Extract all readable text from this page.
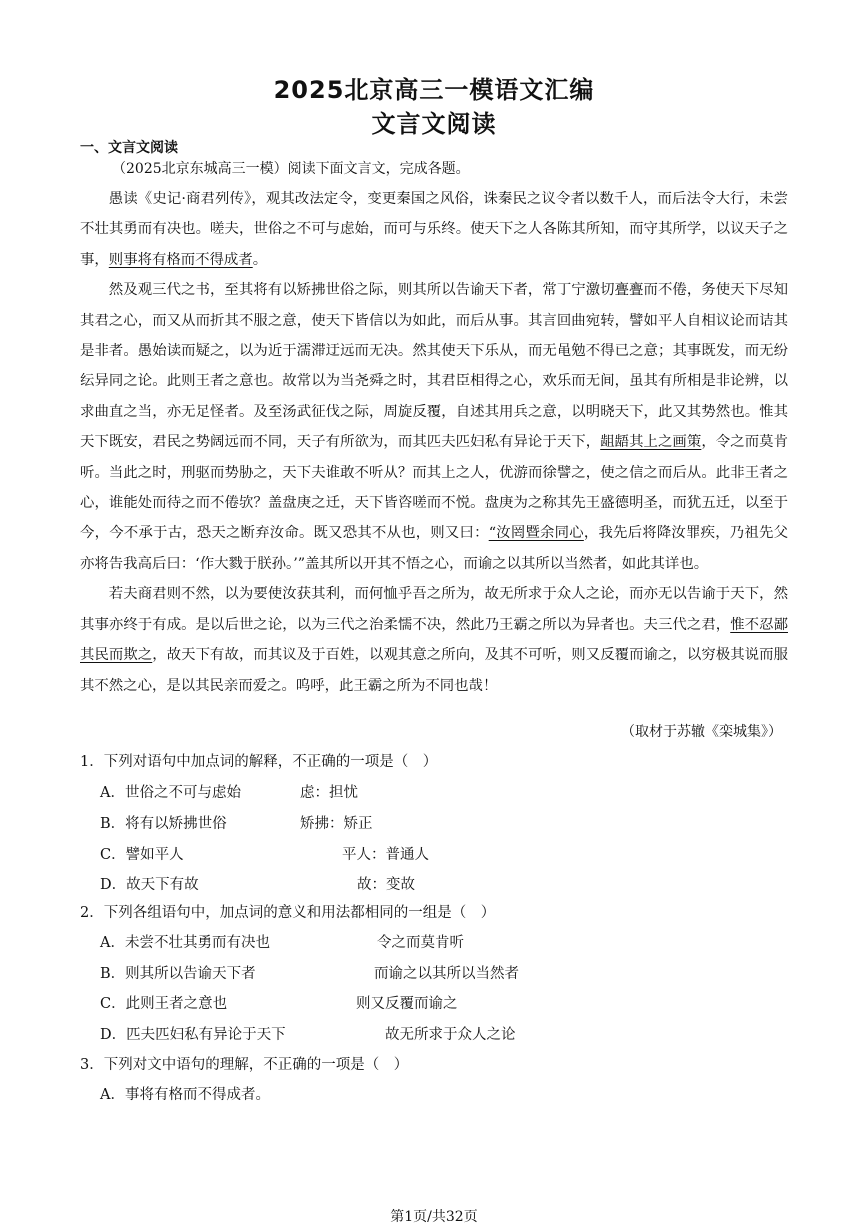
2025北京高三一模语文汇编
文言文阅读
一、文言文阅读
（2025北京东城高三一模）阅读下面文言文，完成各题。

愚读《史记·商君列传》，观其改法定令，变更秦国之风俗，诛秦民之议令者以数千人，而后法令大行，未尝不壮其勇而有决也。嗟夫，世俗之不可与虑始，而可与乐终。使天下之人各陈其所知，而守其所学，以议天子之事，则事将有格而不得成者。

然及观三代之书，至其将有以矫拂世俗之际，则其所以告谕天下者，常丁宁激切亹亹而不倦，务使天下尽知其君之心，而又从而折其不服之意，使天下皆信以为如此，而后从事。其言回曲宛转，譬如平人自相议论而诘其是非者。愚始读而疑之，以为近于濡滞迂远而无决。然其使天下乐从，而无黾勉不得已之意；其事既发，而无纷纭异同之论。此则王者之意也。故常以为当尧舜之时，其君臣相得之心，欢乐而无间，虽其有所相是非论辨，以求曲直之当，亦无足怪者。及至汤武征伐之际，周旋反覆，自述其用兵之意，以明晓天下，此又其势然也。惟其天下既安，君民之势阔远而不同，天子有所欲为，而其匹夫匹妇私有异论于天下，龃龉其上之画策，令之而莫肯听。当此之时，刑驱而势胁之，天下夫谁敢不听从？而其上之人，优游而徐譬之，使之信之而后从。此非王者之心，谁能处而待之而不倦欤？盖盘庚之迁，天下皆咨嗟而不悦。盘庚为之称其先王盛德明圣，而犹五迁，以至于今，今不承于古，恐天之断弃汝命。既又恐其不从也，则又曰：“汝罔暨余同心，我先后将降汝罪疾，乃祖先父亦将告我高后曰：‘作大戮于朕孙。’”盖其所以开其不悟之心，而谕之以其所以当然者，如此其详也。

若夫商君则不然，以为要使汝获其利，而何恤乎吾之所为，故无所求于众人之论，而亦无以告谕于天下，然其事亦终于有成。是以后世之论，以为三代之治柔懦不决，然此乃王霸之所以为异者也。夫三代之君，惟不忍鄙其民而欺之，故天下有故，而其议及于百姓，以观其意之所向，及其不可听，则又反覆而谕之，以穷极其说而服其不然之心，是以其民亲而爱之。呜呼，此王霸之所为不同也哉！

（取材于苏辙《栾城集》）
1．下列对语句中加点词的解释，不正确的一项是（　）
A．世俗之不可与虑始	虑：担忧
B．将有以矫拂世俗	矫拂：矫正
C．譬如平人	平人：普通人
D．故天下有故	故：变故
2．下列各组语句中，加点词的意义和用法都相同的一组是（　）
A．未尝不壮其勇而有决也	令之而莫肯听
B．则其所以告谕天下者	而谕之以其所以当然者
C．此则王者之意也	则又反覆而谕之
D．匹夫匹妇私有异论于天下	故无所求于众人之论
3．下列对文中语句的理解，不正确的一项是（　）
A．事将有格而不得成者。
第1页/共32页
